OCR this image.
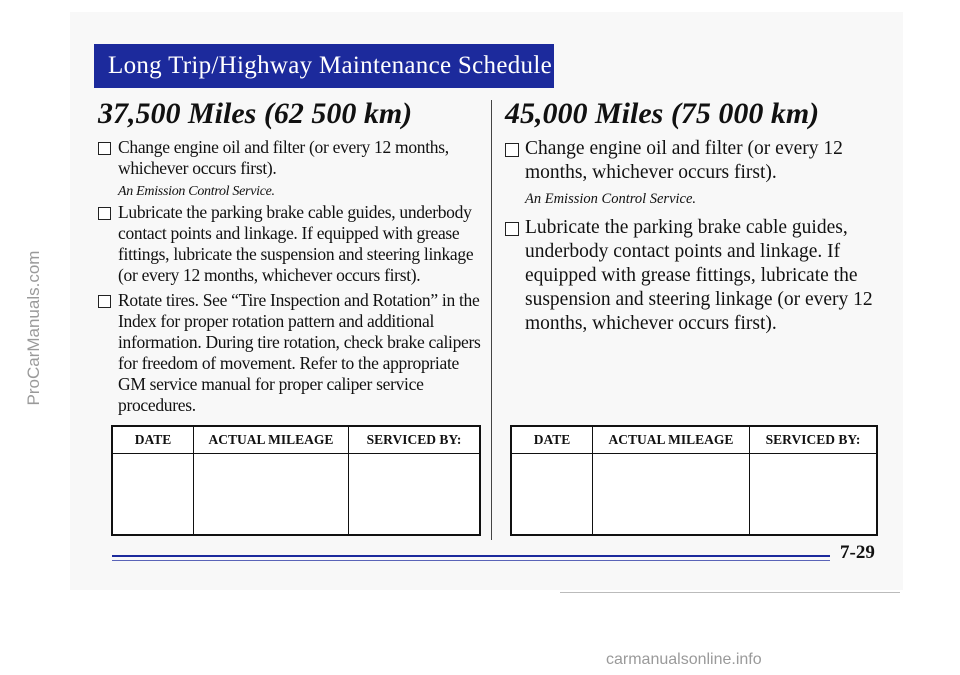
Long Trip/Highway Maintenance Schedule
37,500 Miles (62 500 km)	45,000 Miles (75 000 km)

Change engine oil and filter (or every 12 months, whichever occurs first).

An Emission Control Service.

Lubricate the parking brake cable guides, underbody contact points and linkage. If equipped with grease fittings, lubricate the suspension and steering linkage (or every 12 months, whichever occurs first).

Rotate tires. See “Tire Inspection and Rotation” in the Index for proper rotation pattern and additional information. During tire rotation, check brake calipers for freedom of movement. Refer to the appropriate GM service manual for proper caliper service procedures.

Change engine oil and filter (or every 12 months, whichever occurs first).

An Emission Control Service.

Lubricate the parking brake cable guides, underbody contact points and linkage. If equipped with grease fittings, lubricate the suspension and steering linkage (or every 12 months, whichever occurs first).

DATE	ACTUAL MILEAGE	SERVICED BY:
			DATE	ACTUAL MILEAGE	SERVICED BY:

7-29
ProCarManuals.com
carmanualsonline.info
